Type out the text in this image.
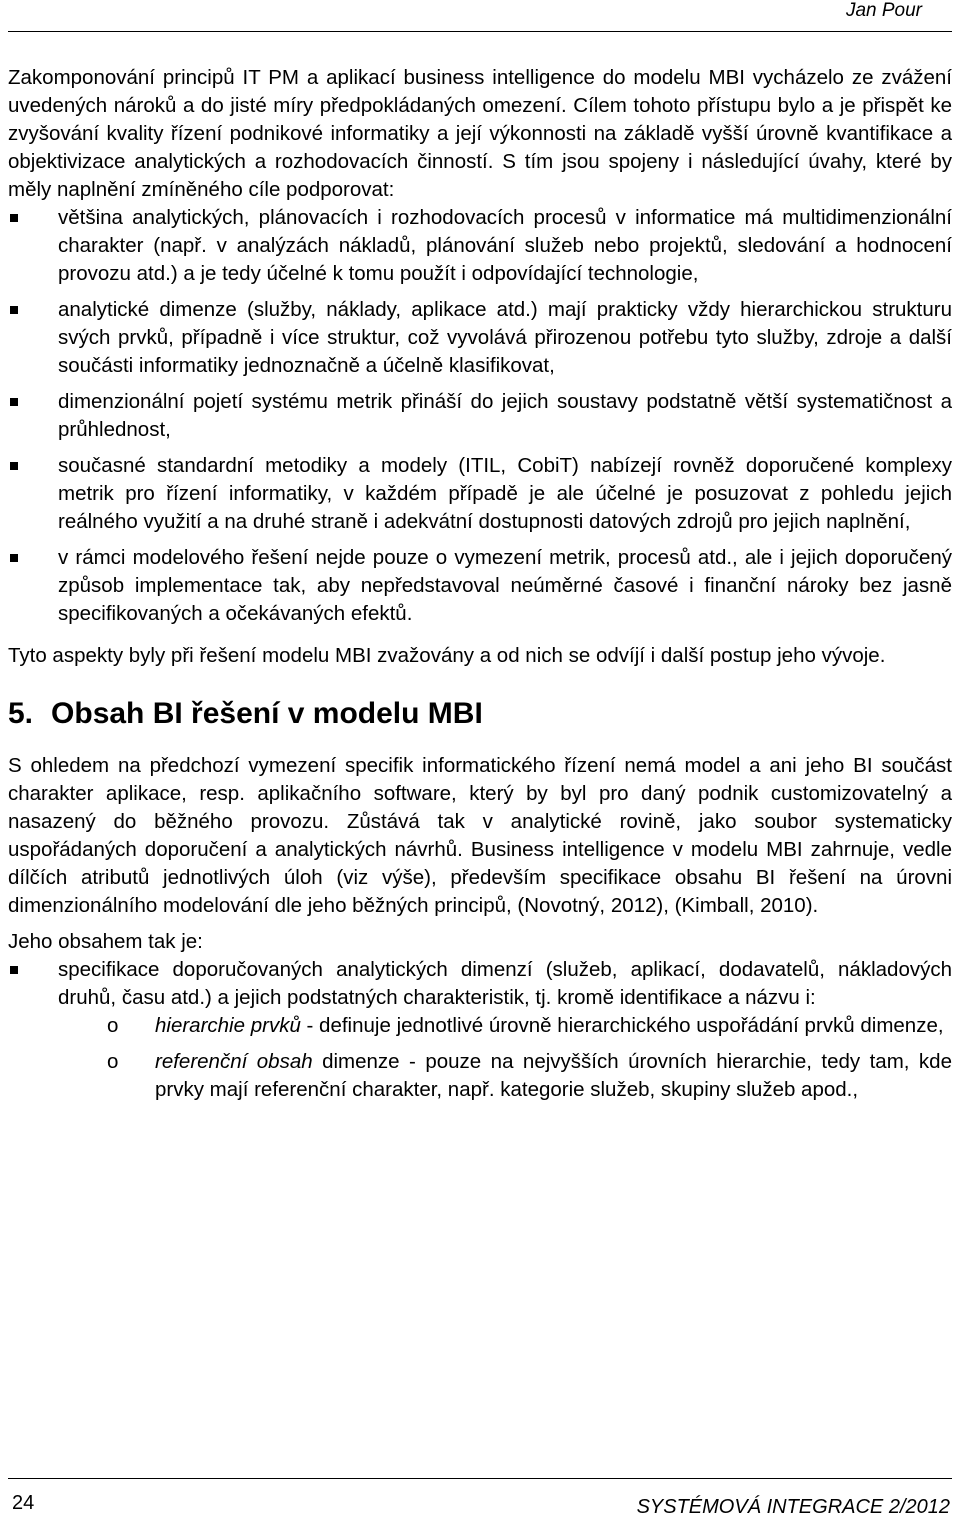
Jan Pour

Zakomponování principů IT PM a aplikací business intelligence do modelu MBI vycházelo ze zvážení uvedených nároků a do jisté míry předpokládaných omezení. Cílem tohoto přístupu bylo a je přispět ke zvyšování kvality řízení podnikové informatiky a její výkonnosti na základě vyšší úrovně kvantifikace a objektivizace analytických a rozhodovacích činností. S tím jsou spojeny i následující úvahy, které by měly naplnění zmíněného cíle podporovat:

většina analytických, plánovacích i rozhodovacích procesů v informatice má multidimenzionální charakter (např. v analýzách nákladů, plánování služeb nebo projektů, sledování a hodnocení provozu atd.) a je tedy účelné k tomu použít i odpovídající technologie,
analytické dimenze (služby, náklady, aplikace atd.) mají prakticky vždy hierarchickou strukturu svých prvků, případně i více struktur, což vyvolává přirozenou potřebu tyto služby, zdroje a další součásti informatiky jednoznačně a účelně klasifikovat,
dimenzionální pojetí systému metrik přináší do jejich soustavy podstatně větší systematičnost a průhlednost,
současné standardní metodiky a modely (ITIL, CobiT) nabízejí rovněž doporučené komplexy metrik pro řízení informatiky, v každém případě je ale účelné je posuzovat z pohledu jejich reálného využití a na druhé straně i adekvátní dostupnosti datových zdrojů pro jejich naplnění,
v rámci modelového řešení nejde pouze o vymezení metrik, procesů atd., ale i jejich doporučený způsob implementace tak, aby nepředstavoval neúměrné časové i finanční nároky bez jasně specifikovaných a očekávaných efektů.

Tyto aspekty byly při řešení modelu MBI zvažovány a od nich se odvíjí i další postup jeho vývoje.

5. Obsah BI řešení v modelu MBI

S ohledem na předchozí vymezení specifik informatického řízení nemá model a ani jeho BI součást charakter aplikace, resp. aplikačního software, který by byl pro daný podnik customizovatelný a nasazený do běžného provozu. Zůstává tak v analytické rovině, jako soubor systematicky uspořádaných doporučení a analytických návrhů. Business intelligence v modelu MBI zahrnuje, vedle dílčích atributů jednotlivých úloh (viz výše), především specifikace obsahu BI řešení na úrovni dimenzionálního modelování dle jeho běžných principů, (Novotný, 2012), (Kimball, 2010).

Jeho obsahem tak je:

specifikace doporučovaných analytických dimenzí (služeb, aplikací, dodavatelů, nákladových druhů, času atd.) a jejich podstatných charakteristik, tj. kromě identifikace a názvu i:
o hierarchie prvků - definuje jednotlivé úrovně hierarchického uspořádání prvků dimenze,
o referenční obsah dimenze - pouze na nejvyšších úrovních hierarchie, tedy tam, kde prvky mají referenční charakter, např. kategorie služeb, skupiny služeb apod.,
24	SYSTÉMOVÁ INTEGRACE 2/2012
